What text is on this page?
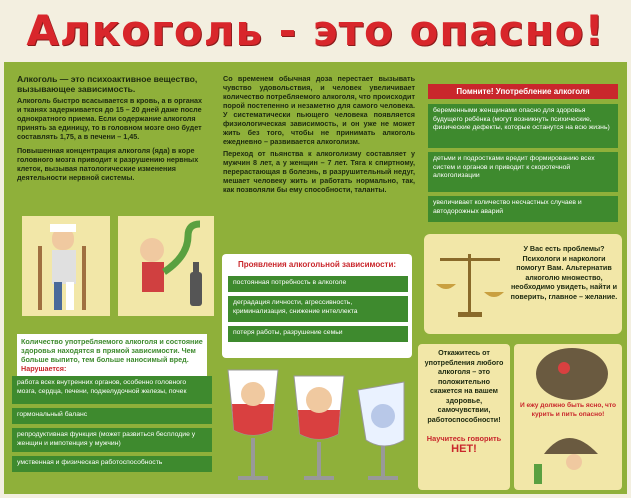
Алкоголь - это опасно!
Алкоголь — это психоактивное вещество, вызывающее зависимость.
Алкоголь быстро всасывается в кровь, а в органах и тканях задерживается до 15 – 20 дней даже после однократного приема. Если содержание алкоголя принять за единицу, то в головном мозге оно будет составлять 1,75, а в печени – 1,45.
Повышенная концентрация алкоголя (яда) в коре головного мозга приводит к разрушению нервных клеток, вызывая патологические изменения деятельности нервной системы.
Со временем обычная доза перестает вызывать чувство удовольствия, и человек увеличивает количество потребляемого алкоголя, что происходит порой постепенно и незаметно для самого человека. У систематически пьющего человека появляется физиологическая зависимость, и он уже не может жить без того, чтобы не принимать алкоголь ежедневно – развивается алкоголизм.
Переход от пьянства к алкоголизму составляет у мужчин 8 лет, а у женщин – 7 лет. Тяга к спиртному, перерастающая в болезнь, в разрушительный недуг, мешает человеку жить и работать нормально, так, как позволяли бы ему способности, таланты.
Помните! Употребление алкоголя
беременными женщинами опасно для здоровья будущего ребёнка (могут возникнуть психические, физические дефекты, которые останутся на всю жизнь)
детьми и подростками вредит формированию всех систем и органов и приводит к скоротечной алкоголизации
увеличивает количество несчастных случаев и автодорожных аварий
Проявления алкогольной зависимости:
постоянная потребность в алкоголе
деградация личности, агрессивность, криминализация, снижение интеллекта
потеря работы, разрушение семьи
У Вас есть проблемы? Психологи и наркологи помогут Вам. Альтернатив алкоголю множество, необходимо увидеть, найти и поверить, главное – желание.
Количество употребляемого алкоголя и состояние здоровья находятся в прямой зависимости. Чем больше выпито, тем больше наносимый вред. Нарушается:
работа всех внутренних органов, особенно головного мозга, сердца, печени, поджелудочной железы, почек
гормональный баланс
репродуктивная функция (может развиться бесплодие у женщин и импотенция у мужчин)
умственная и физическая работоспособность
Откажитесь от употребления любого алкоголя – это положительно скажется на вашем здоровье, самочувствии, работоспособности!
Научитесь говорить
НЕТ!
И ежу должно быть ясно, что курить и пить опасно!
